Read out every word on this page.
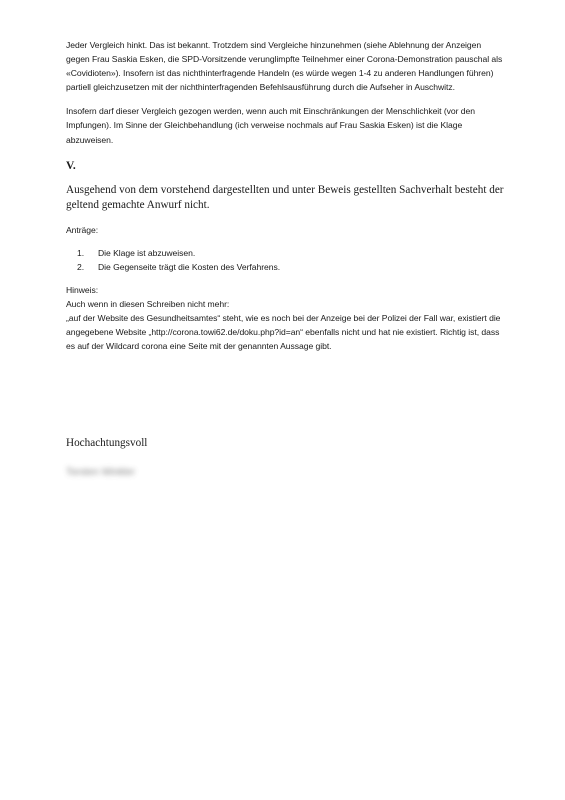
Jeder Vergleich hinkt. Das ist bekannt. Trotzdem sind Vergleiche hinzunehmen (siehe Ablehnung der Anzeigen gegen Frau Saskia Esken, die SPD-Vorsitzende verunglimpfte Teilnehmer einer Corona-Demonstration pauschal als «Covidioten»). Insofern ist das nichthinterfragende Handeln (es würde wegen 1-4 zu anderen Handlungen führen) partiell gleichzusetzen mit der nichthinterfragenden Befehlsausführung durch die Aufseher in Auschwitz.

Insofern darf dieser Vergleich gezogen werden, wenn auch mit Einschränkungen der Menschlichkeit (vor den Impfungen). Im Sinne der Gleichbehandlung (ich verweise nochmals auf Frau Saskia Esken) ist die Klage abzuweisen.

V.

Ausgehend von dem vorstehend dargestellten und unter Beweis gestellten Sachverhalt besteht der geltend gemachte Anwurf nicht.

Anträge:

1. Die Klage ist abzuweisen.
2. Die Gegenseite trägt die Kosten des Verfahrens.

Hinweis:

Auch wenn in diesen Schreiben nicht mehr:

„auf der Website des Gesundheitsamtes“ steht, wie es noch bei der Anzeige bei der Polizei der Fall war, existiert die angegebene Website „http://corona.towi62.de/doku.php?id=an“ ebenfalls nicht und hat nie existiert. Richtig ist, dass es auf der Wildcard corona eine Seite mit der genannten Aussage gibt.

Hochachtungsvoll
Torsten Winkler
